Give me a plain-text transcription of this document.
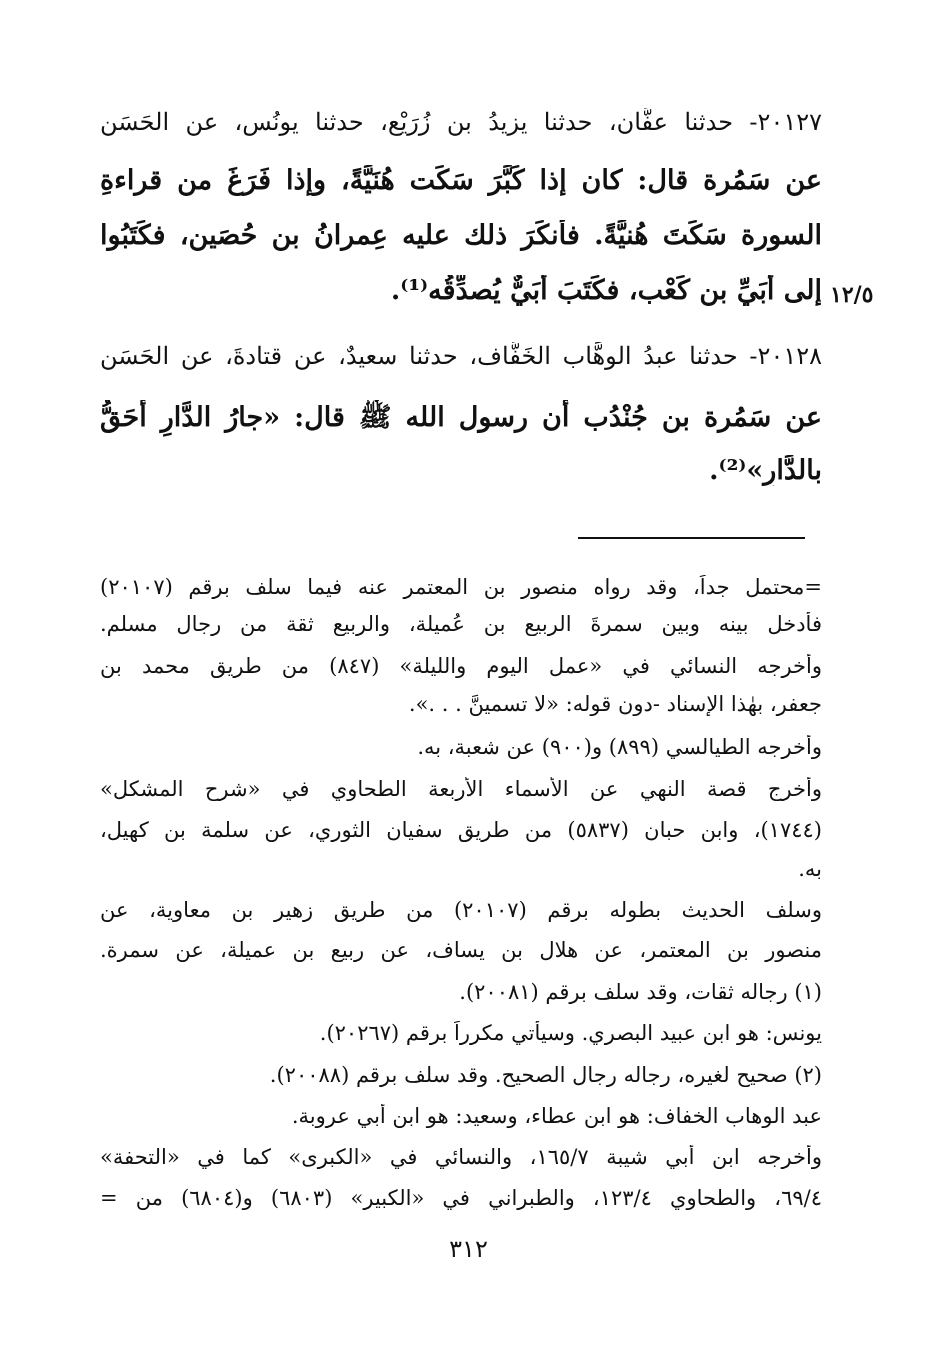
٢٠١٢٧- حدثنا عفَّان، حدثنا يزيدُ بن زُرَيْع، حدثنا يونُس، عن الحَسَن
عن سَمُرة قال: كان إذا كَبَّرَ سَكَت هُنَيَّةً، وإذا فَرَغَ من قراءةِ
السورة سَكَتَ هُنيَّةً. فأنكَرَ ذلك عليه عِمرانُ بن حُصَين، فكَتَبُوا
إلى أُبَيِّ بن كَعْب، فكَتَبَ أُبَيٌّ يُصدِّقُه⁽¹⁾. ١٢/٥
٢٠١٢٨- حدثنا عبدُ الوهَّاب الخَفَّاف، حدثنا سعيدٌ، عن قتادةَ، عن الحَسَن
عن سَمُرة بن جُنْدُب أن رسول الله ﷺ قال: «جارُ الدَّارِ أحَقُّ
بالدَّارِ»⁽²⁾.
=محتمل جداً، وقد رواه منصور بن المعتمر عنه فيما سلف برقم (٢٠١٠٧)
فأدخل بينه وبين سمرةَ الربيع بن عُميلة، والربيع ثقة من رجال مسلم.
وأخرجه النسائي في «عمل اليوم والليلة» (٨٤٧) من طريق محمد بن
جعفر، بهٰذا الإسناد -دون قوله: «لا تسمينَّ . . .».
وأخرجه الطيالسي (٨٩٩) و(٩٠٠) عن شعبة، به.
وأخرج قصة النهي عن الأسماء الأربعة الطحاوي في «شرح المشكل»
(١٧٤٤)، وابن حبان (٥٨٣٧) من طريق سفيان الثوري، عن سلمة بن كهيل،
به.
وسلف الحديث بطوله برقم (٢٠١٠٧) من طريق زهير بن معاوية، عن
منصور بن المعتمر، عن هلال بن يساف، عن ربيع بن عميلة، عن سمرة.
(١) رجاله ثقات، وقد سلف برقم (٢٠٠٨١).
يونس: هو ابن عبيد البصري. وسيأتي مكرراً برقم (٢٠٢٦٧).
(٢) صحيح لغيره، رجاله رجال الصحيح. وقد سلف برقم (٢٠٠٨٨).
عبد الوهاب الخفاف: هو ابن عطاء، وسعيد: هو ابن أبي عروبة.
وأخرجه ابن أبي شيبة ١٦٥/٧، والنسائي في «الكبرى» كما في «التحفة»
٦٩/٤، والطحاوي ١٢٣/٤، والطبراني في «الكبير» (٦٨٠٣) و(٦٨٠٤) من =
٣١٢
